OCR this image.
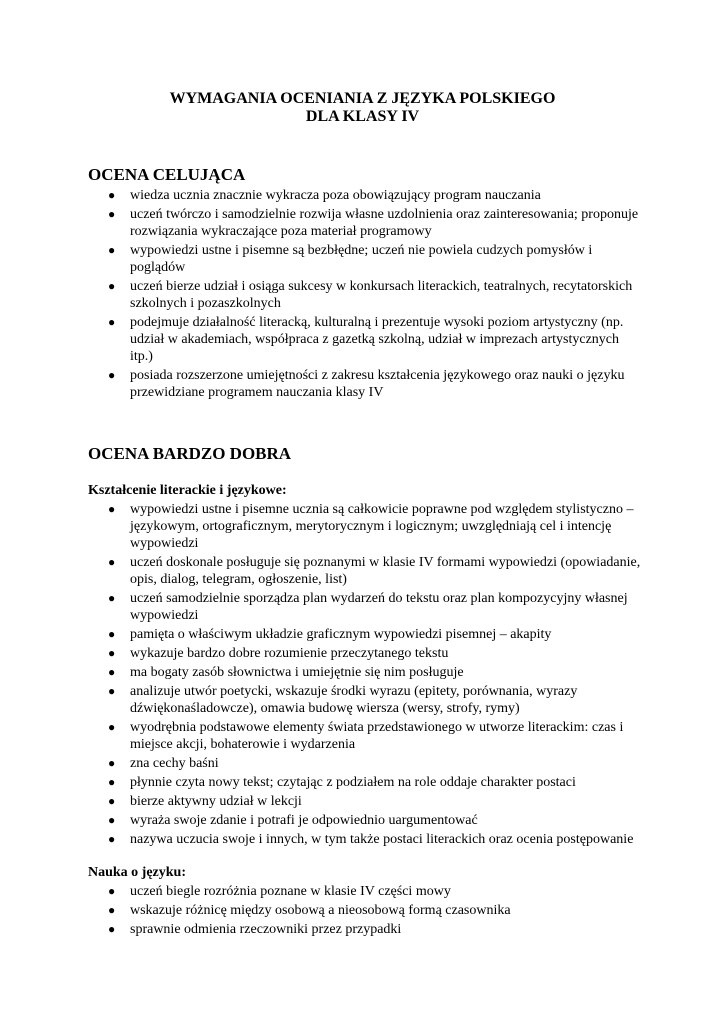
WYMAGANIA OCENIANIA Z JĘZYKA POLSKIEGO
DLA KLASY IV
OCENA CELUJĄCA
● wiedza ucznia znacznie wykracza poza obowiązujący program nauczania
● uczeń twórczo i samodzielnie rozwija własne uzdolnienia oraz zainteresowania; proponuje rozwiązania wykraczające poza materiał programowy
● wypowiedzi ustne i pisemne są bezbłędne; uczeń nie powiela cudzych pomysłów i poglądów
● uczeń bierze udział i osiąga sukcesy w konkursach literackich, teatralnych, recytatorskich szkolnych i pozaszkolnych
● podejmuje działalność literacką, kulturalną i prezentuje wysoki poziom artystyczny (np. udział w akademiach, współpraca z gazetką szkolną, udział w imprezach artystycznych itp.)
● posiada rozszerzone umiejętności z zakresu kształcenia językowego oraz nauki o języku przewidziane programem nauczania klasy IV
OCENA BARDZO DOBRA
Kształcenie literackie i językowe:
● wypowiedzi ustne i pisemne ucznia są całkowicie poprawne pod względem stylistyczno – językowym, ortograficznym, merytorycznym i logicznym; uwzględniają cel i intencję wypowiedzi
● uczeń doskonale posługuje się poznanymi w klasie IV formami wypowiedzi (opowiadanie, opis, dialog, telegram, ogłoszenie, list)
● uczeń samodzielnie sporządza plan wydarzeń do tekstu oraz plan kompozycyjny własnej wypowiedzi
● pamięta o właściwym układzie graficznym wypowiedzi pisemnej – akapity
● wykazuje bardzo dobre rozumienie przeczytanego tekstu
● ma bogaty zasób słownictwa i umiejętnie się nim posługuje
● analizuje utwór poetycki, wskazuje środki wyrazu (epitety, porównania, wyrazy dźwiękonaśladowcze), omawia budowę wiersza (wersy, strofy, rymy)
● wyodrębnia podstawowe elementy świata przedstawionego w utworze literackim: czas i miejsce akcji, bohaterowie i wydarzenia
● zna cechy baśni
● płynnie czyta nowy tekst; czytając z podziałem na role oddaje charakter postaci
● bierze aktywny udział w lekcji
● wyraża swoje zdanie i potrafi je odpowiednio uargumentować
● nazywa uczucia swoje i innych, w tym także postaci literackich oraz ocenia postępowanie
Nauka o języku:
● uczeń biegle rozróżnia poznane w klasie IV części mowy
● wskazuje różnicę między osobową a nieosobową formą czasownika
● sprawnie odmienia rzeczowniki przez przypadki
